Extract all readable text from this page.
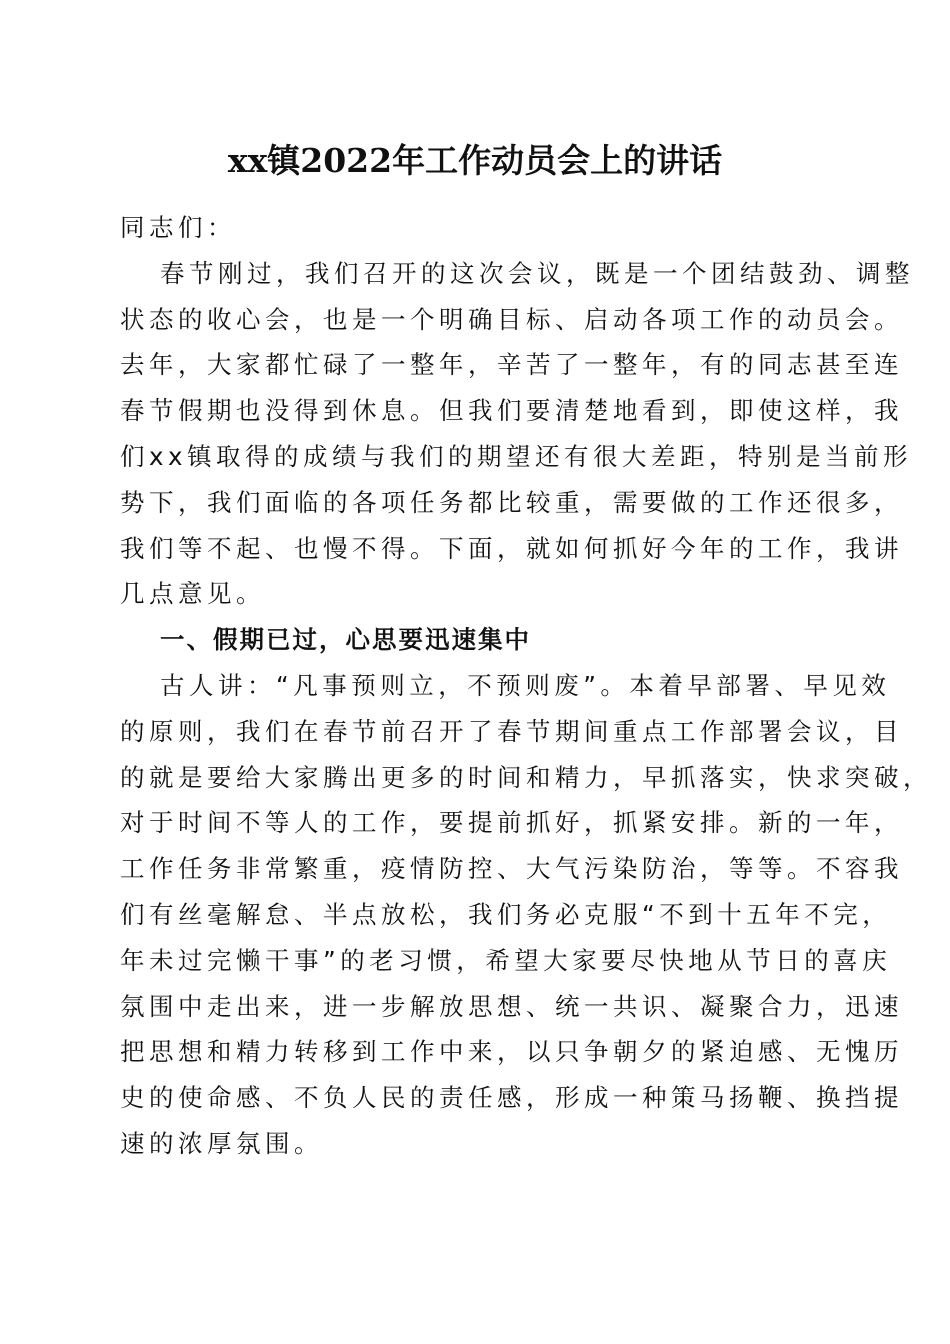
xx镇2022年工作动员会上的讲话
同志们：
春节刚过，我们召开的这次会议，既是一个团结鼓劲、调整
状态的收心会，也是一个明确目标、启动各项工作的动员会。
去年，大家都忙碌了一整年，辛苦了一整年，有的同志甚至连
春节假期也没得到休息。但我们要清楚地看到，即使这样，我
们xx镇取得的成绩与我们的期望还有很大差距，特别是当前形
势下，我们面临的各项任务都比较重，需要做的工作还很多，
我们等不起、也慢不得。下面，就如何抓好今年的工作，我讲
几点意见。
一、假期已过，心思要迅速集中
古人讲：“凡事预则立，不预则废”。本着早部署、早见效
的原则，我们在春节前召开了春节期间重点工作部署会议，目
的就是要给大家腾出更多的时间和精力，早抓落实，快求突破，
对于时间不等人的工作，要提前抓好，抓紧安排。新的一年，
工作任务非常繁重，疫情防控、大气污染防治，等等。不容我
们有丝毫解怠、半点放松，我们务必克服“不到十五年不完，
年未过完懒干事”的老习惯，希望大家要尽快地从节日的喜庆
氛围中走出来，进一步解放思想、统一共识、凝聚合力，迅速
把思想和精力转移到工作中来，以只争朝夕的紧迫感、无愧历
史的使命感、不负人民的责任感，形成一种策马扬鞭、换挡提
速的浓厚氛围。
